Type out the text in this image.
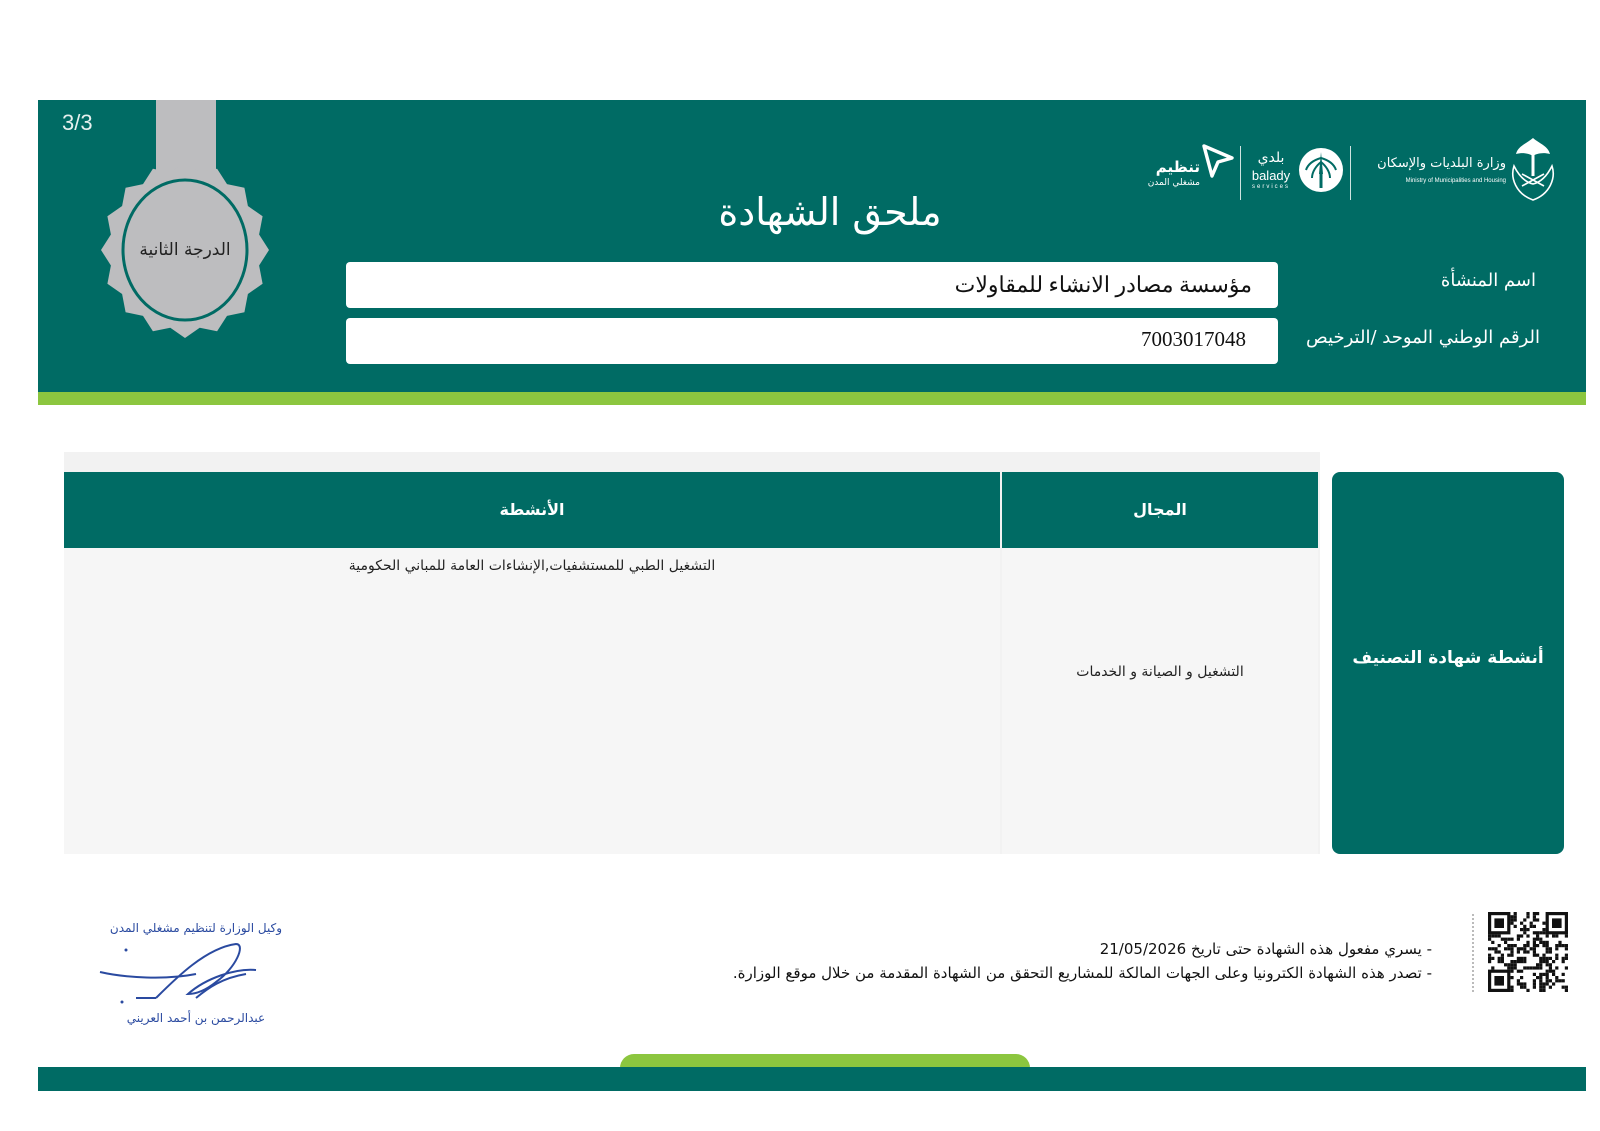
3/3
الدرجة الثانية
ملحق الشهادة
وزارة البلديات والإسكان
Ministry of Municipalities and Housing
بلدي
balady
services
تنظيم
مشغلي المدن
مؤسسة مصادر الانشاء للمقاولات
7003017048
اسم المنشأة
الرقم الوطني الموحد /الترخيص
الأنشطة	المجال
التشغيل الطبي للمستشفيات,الإنشاءات العامة للمباني الحكومية
التشغيل و الصيانة و الخدمات
أنشطة شهادة التصنيف
- يسري مفعول هذه الشهادة حتى تاريخ 21/05/2026
- تصدر هذه الشهادة الكترونيا وعلى الجهات المالكة للمشاريع التحقق من الشهادة المقدمة من خلال موقع الوزارة.
وكيل الوزارة لتنظيم مشغلي المدن
عبدالرحمن بن أحمد العريني
